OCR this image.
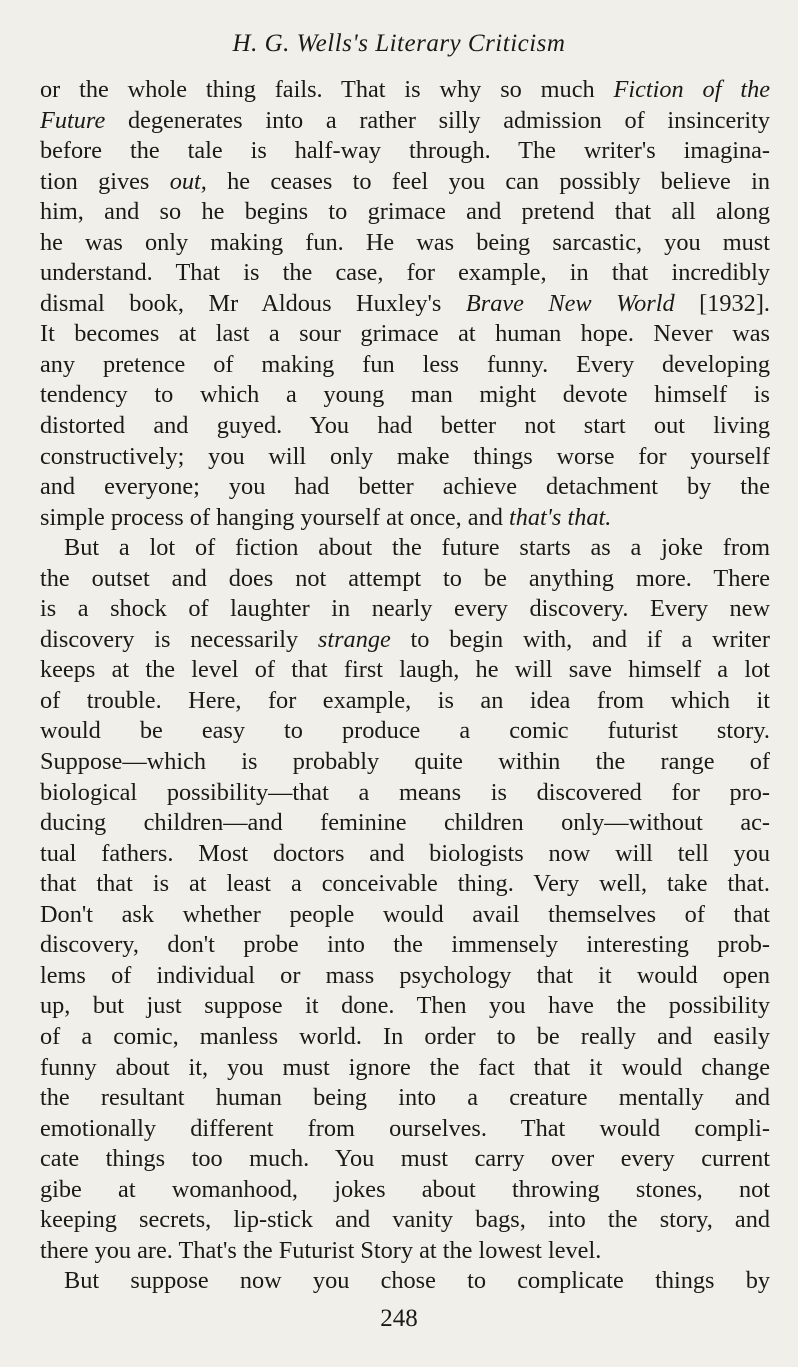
H. G. Wells's Literary Criticism
or the whole thing fails. That is why so much Fiction of the
Future degenerates into a rather silly admission of insincerity
before the tale is half-way through. The writer's imagina-
tion gives out, he ceases to feel you can possibly believe in
him, and so he begins to grimace and pretend that all along
he was only making fun. He was being sarcastic, you must
understand. That is the case, for example, in that incredibly
dismal book, Mr Aldous Huxley's Brave New World [1932].
It becomes at last a sour grimace at human hope. Never was
any pretence of making fun less funny. Every developing
tendency to which a young man might devote himself is
distorted and guyed. You had better not start out living
constructively; you will only make things worse for yourself
and everyone; you had better achieve detachment by the
simple process of hanging yourself at once, and that's that.
But a lot of fiction about the future starts as a joke from
the outset and does not attempt to be anything more. There
is a shock of laughter in nearly every discovery. Every new
discovery is necessarily strange to begin with, and if a writer
keeps at the level of that first laugh, he will save himself a lot
of trouble. Here, for example, is an idea from which it
would be easy to produce a comic futurist story.
Suppose—which is probably quite within the range of
biological possibility—that a means is discovered for pro-
ducing children—and feminine children only—without ac-
tual fathers. Most doctors and biologists now will tell you
that that is at least a conceivable thing. Very well, take that.
Don't ask whether people would avail themselves of that
discovery, don't probe into the immensely interesting prob-
lems of individual or mass psychology that it would open
up, but just suppose it done. Then you have the possibility
of a comic, manless world. In order to be really and easily
funny about it, you must ignore the fact that it would change
the resultant human being into a creature mentally and
emotionally different from ourselves. That would compli-
cate things too much. You must carry over every current
gibe at womanhood, jokes about throwing stones, not
keeping secrets, lip-stick and vanity bags, into the story, and
there you are. That's the Futurist Story at the lowest level.
But suppose now you chose to complicate things by
248
